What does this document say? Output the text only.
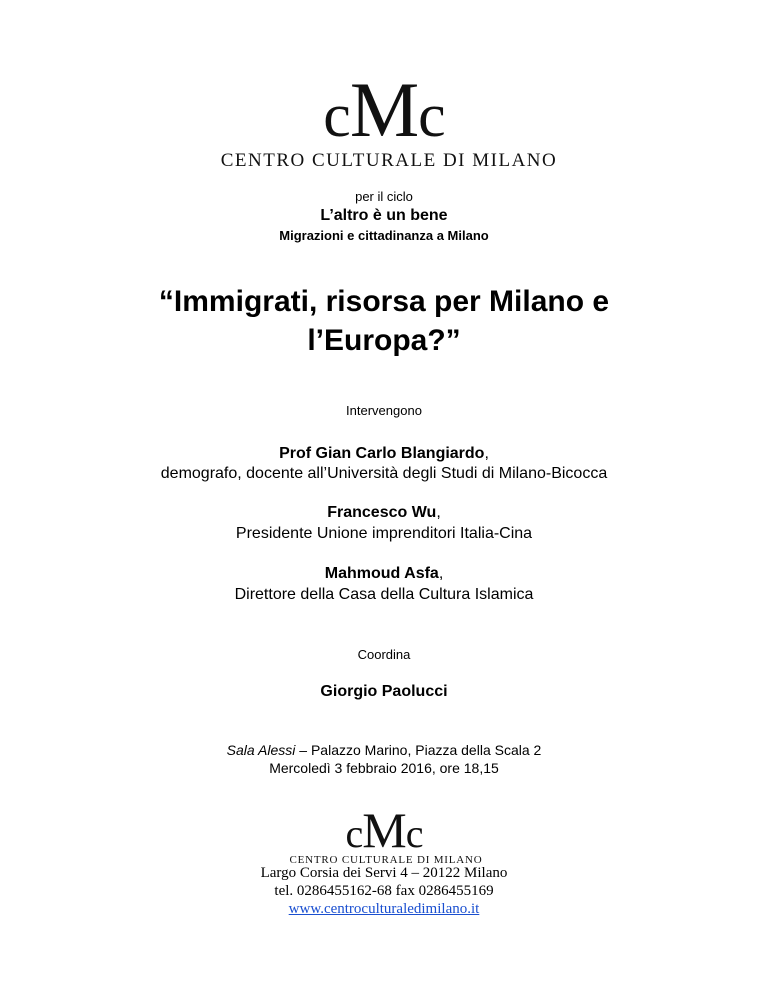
cMc
CENTRO CULTURALE DI MILANO
per il ciclo
L’altro è un bene
Migrazioni e cittadinanza a Milano
“Immigrati, risorsa per Milano e
l’Europa?”
Intervengono
Prof Gian Carlo Blangiardo,
demografo, docente all’Università degli Studi di Milano-Bicocca
Francesco Wu,
Presidente Unione imprenditori Italia-Cina
Mahmoud Asfa,
Direttore della Casa della Cultura Islamica
Coordina
Giorgio Paolucci
Sala Alessi – Palazzo Marino, Piazza della Scala 2
Mercoledì 3 febbraio 2016, ore 18,15
cMc
CENTRO CULTURALE DI MILANO
Largo Corsia dei Servi 4 – 20122 Milano
tel. 0286455162-68 fax 0286455169
www.centroculturaledimilano.it
